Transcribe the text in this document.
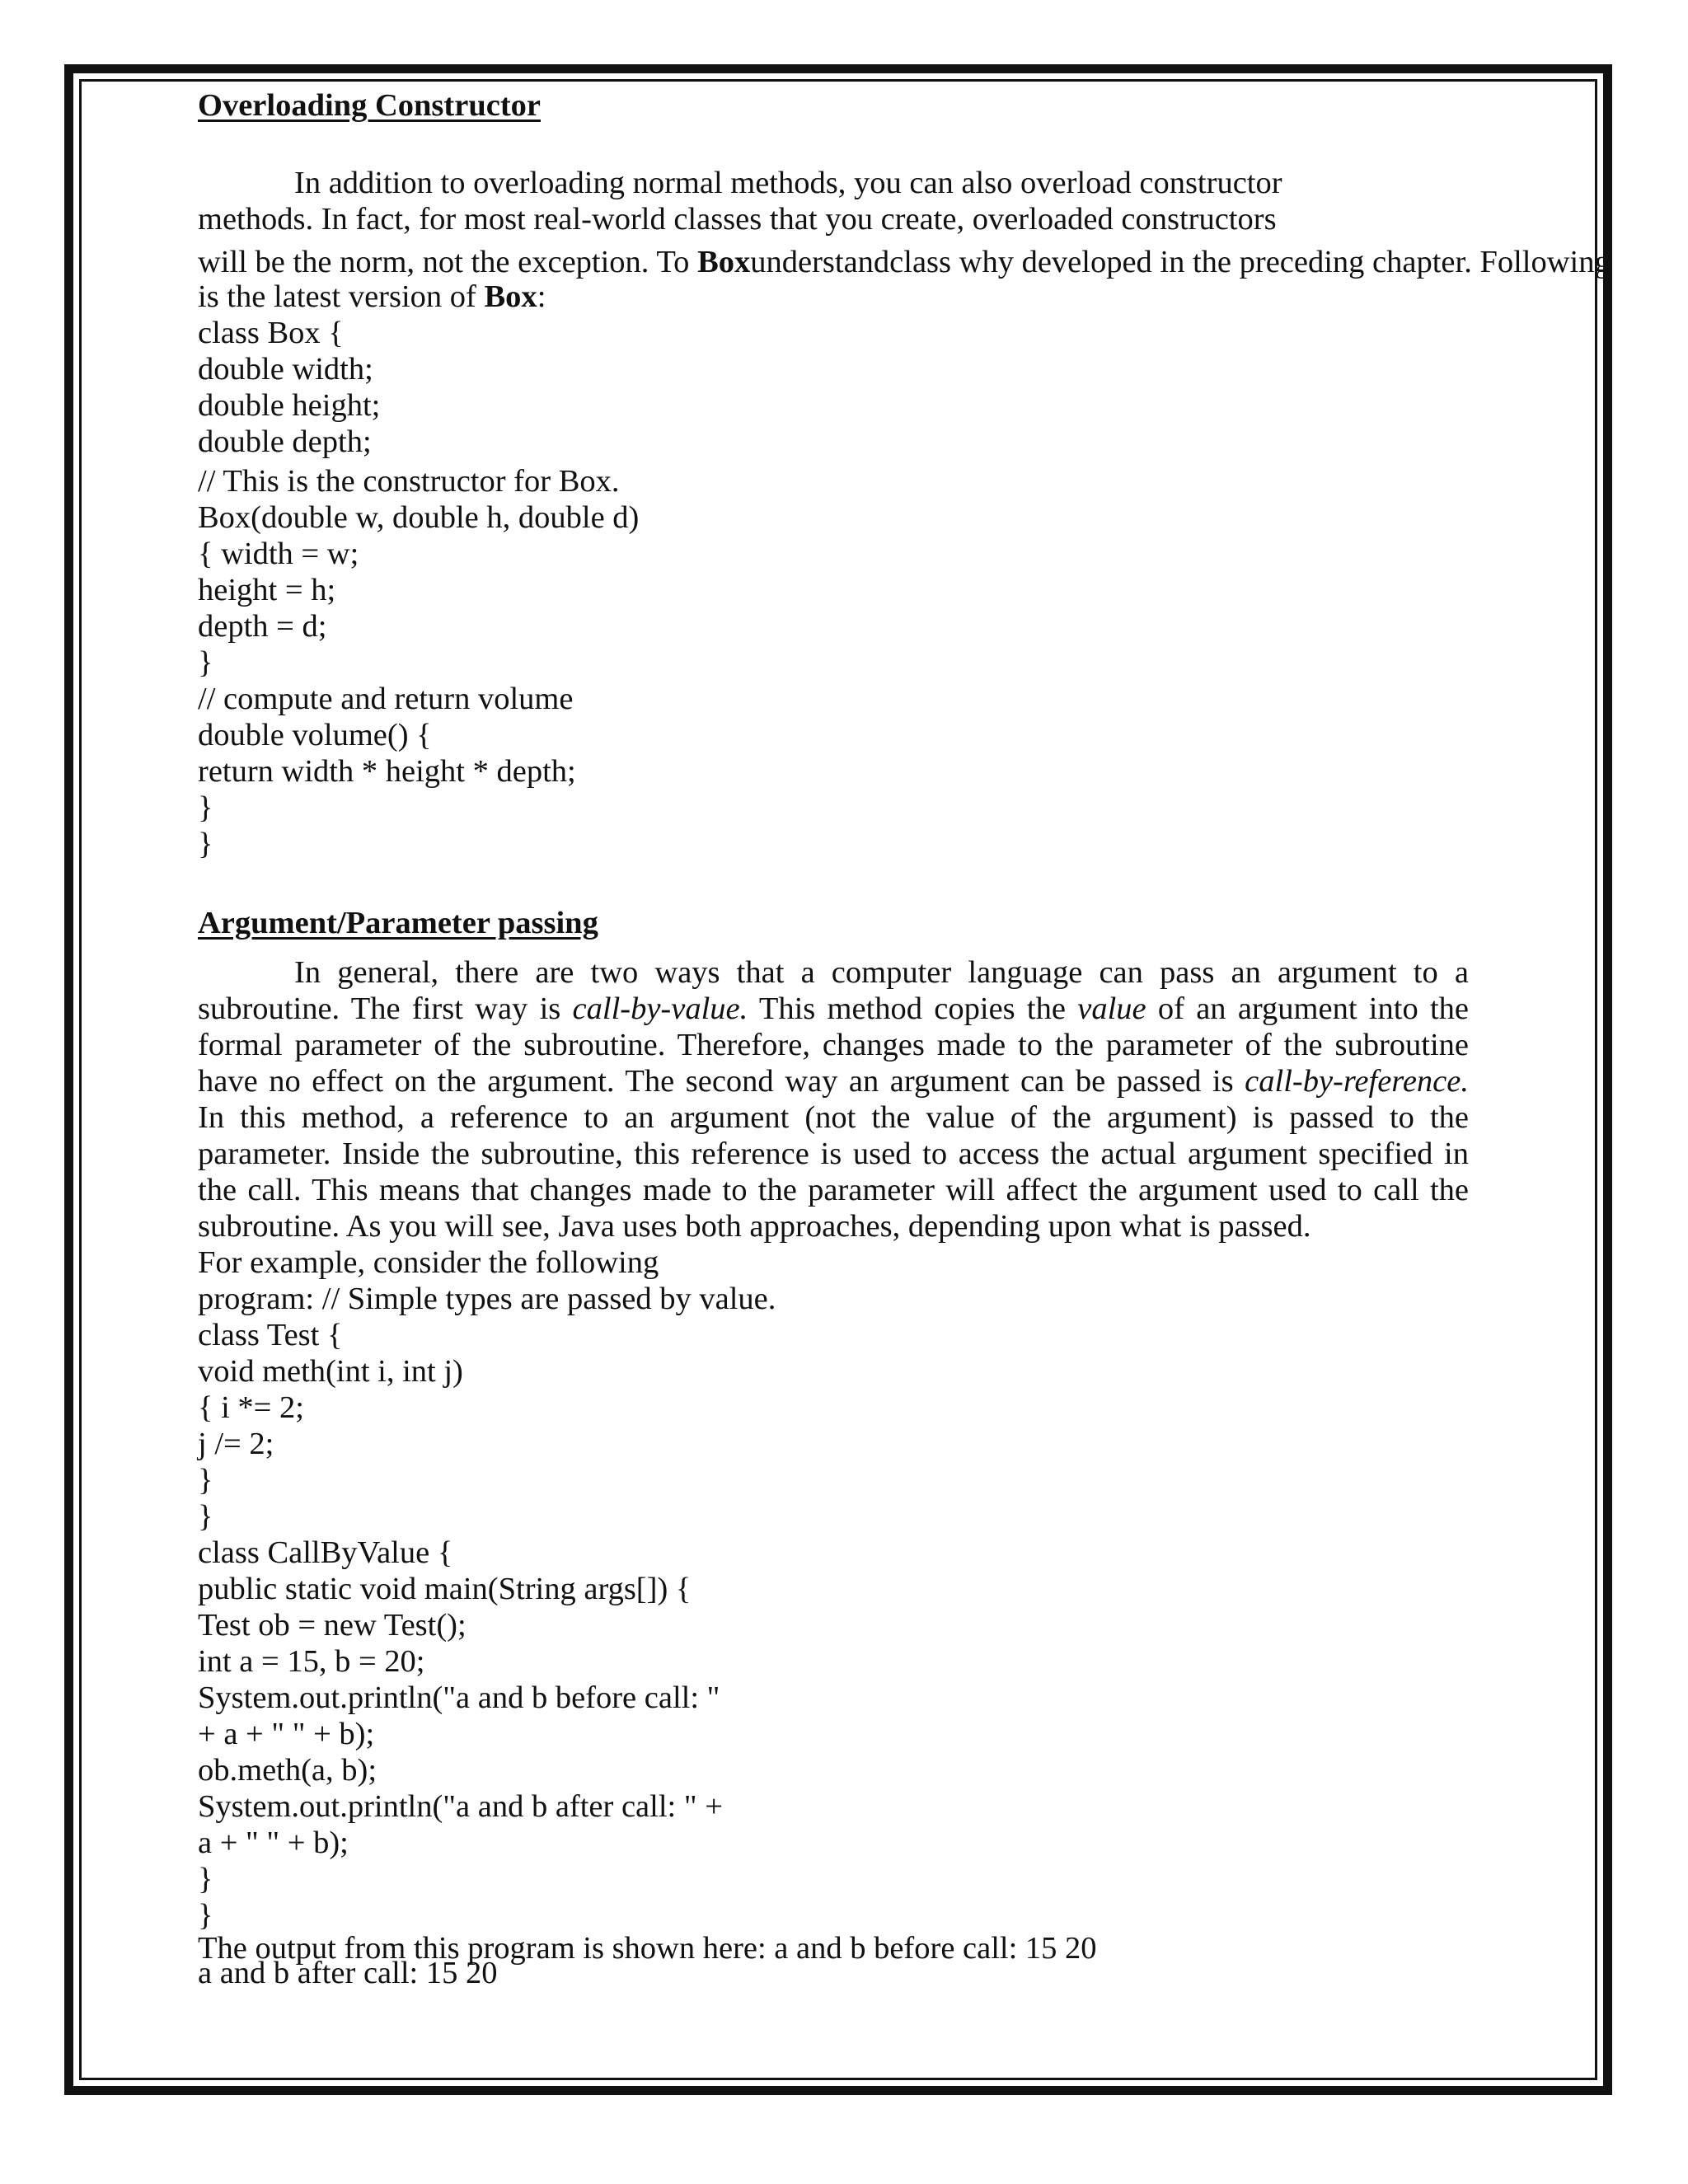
Overloading Constructor
In addition to overloading normal methods, you can also overload constructor
methods. In fact, for most real-world classes that you create, overloaded constructors
will be the norm, not the exception. To Boxunderstandclass why developed in the preceding chapter. Following
is the latest version of Box:
class Box {
double width;
double height;
double depth;
// This is the constructor for Box.
Box(double w, double h, double d)
{ width = w;
height = h;
depth = d;
}
// compute and return volume
double volume() {
return width * height * depth;
}
}
Argument/Parameter passing
In general, there are two ways that a computer language can pass an argument to a
subroutine. The first way is call-by-value. This method copies the value of an argument into the
formal parameter of the subroutine. Therefore, changes made to the parameter of the subroutine
have no effect on the argument. The second way an argument can be passed is call-by-reference.
In this method, a reference to an argument (not the value of the argument) is passed to the
parameter. Inside the subroutine, this reference is used to access the actual argument specified in
the call. This means that changes made to the parameter will affect the argument used to call the
subroutine. As you will see, Java uses both approaches, depending upon what is passed.
For example, consider the following
program: // Simple types are passed by value.
class Test {
void meth(int i, int j)
{ i *= 2;
j /= 2;
}
}
class CallByValue {
public static void main(String args[]) {
Test ob = new Test();
int a = 15, b = 20;
System.out.println("a and b before call: "
+ a + " " + b);
ob.meth(a, b);
System.out.println("a and b after call: " +
a + " " + b);
}
}
The output from this program is shown here: a and b before call: 15 20
a and b after call: 15 20
